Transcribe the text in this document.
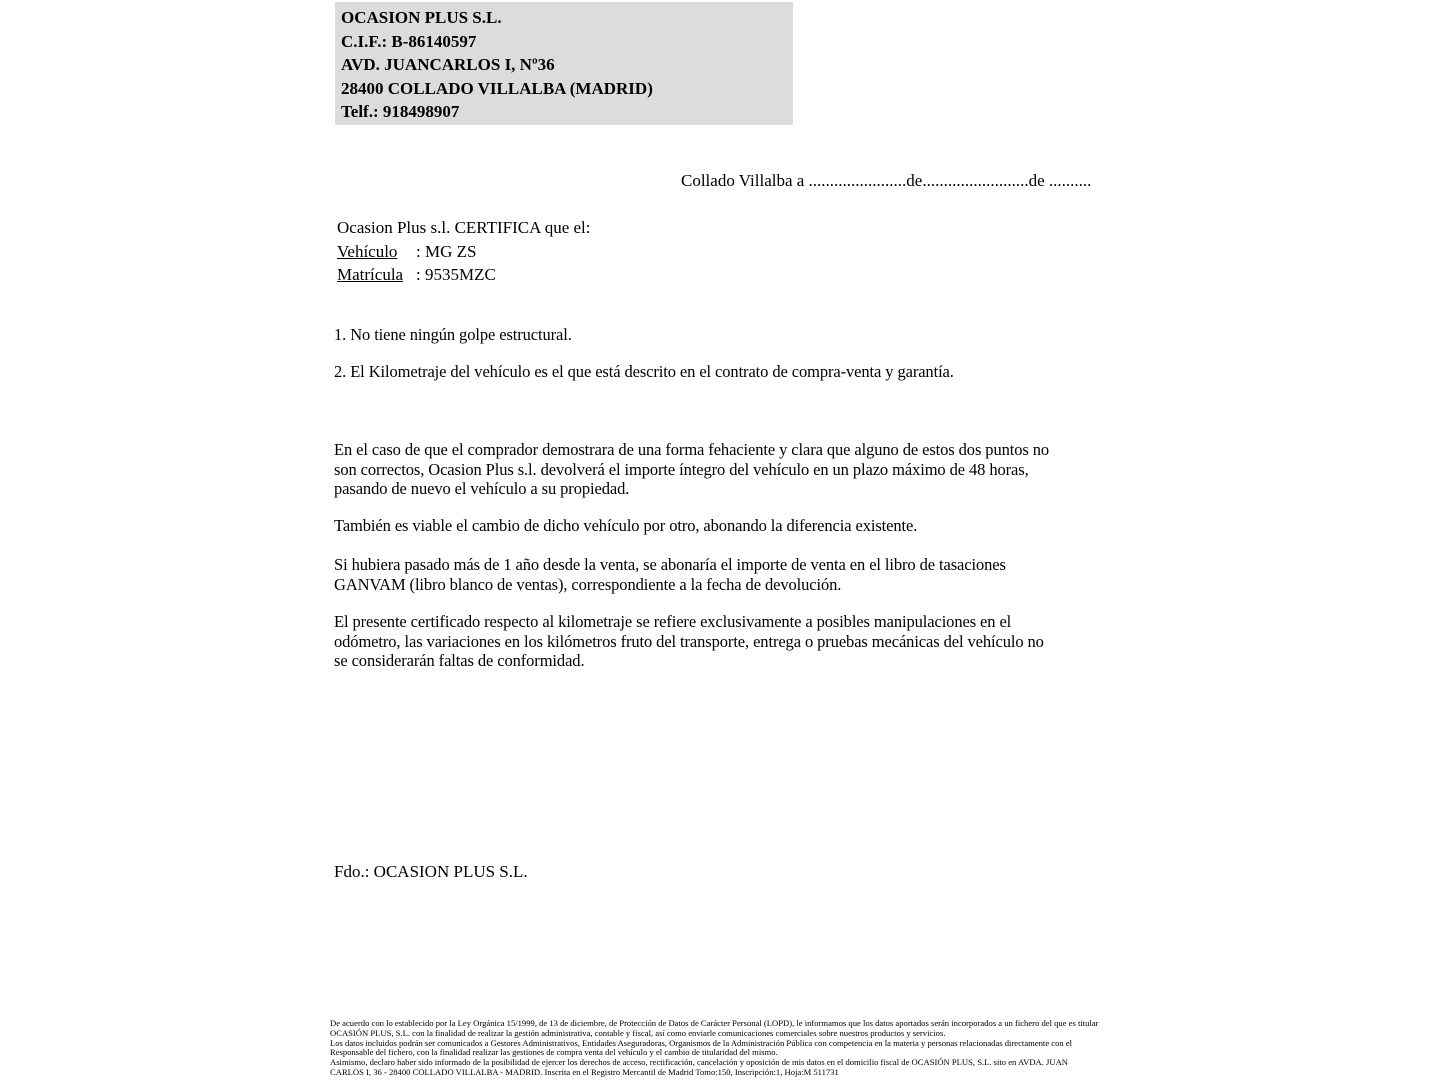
OCASION PLUS S.L.
C.I.F.: B-86140597
AVD. JUANCARLOS I, Nº36
28400 COLLADO VILLALBA (MADRID)
Telf.: 918498907
Collado Villalba a .......................de.........................de ..........
Ocasion Plus s.l. CERTIFICA que el:
Vehículo	: MG ZS
Matrícula : 9535MZC
1. No tiene ningún golpe estructural.
2. El Kilometraje del vehículo es el que está descrito en el contrato de compra-venta y garantía.
En el caso de que el comprador demostrara de una forma fehaciente y clara que alguno de estos dos puntos no
son correctos, Ocasion Plus s.l. devolverá el importe íntegro del vehículo en un plazo máximo de 48 horas,
pasando de nuevo el vehículo a su propiedad.
También es viable el cambio de dicho vehículo por otro, abonando la diferencia existente.
Si hubiera pasado más de 1 año desde la venta, se abonaría el importe de venta en el libro de tasaciones
GANVAM (libro blanco de ventas), correspondiente a la fecha de devolución.
El presente certificado respecto al kilometraje se refiere exclusivamente a posibles manipulaciones en el
odómetro, las variaciones en los kilómetros fruto del transporte, entrega o pruebas mecánicas del vehículo no
se considerarán faltas de conformidad.
Fdo.: OCASION PLUS S.L.
De acuerdo con lo establecido por la Ley Orgánica 15/1999, de 13 de diciembre, de Protección de Datos de Carácter Personal (LOPD), le informamos que los datos aportados serán incorporados a un fichero del que es titular
OCASIÓN PLUS, S.L. con la finalidad de realizar la gestión administrativa, contable y fiscal, así como enviarle comunicaciones comerciales sobre nuestros productos y servicios.
Los datos incluidos podrán ser comunicados a Gestores Administrativos, Entidades Aseguradoras, Organismos de la Administración Pública con competencia en la materia y personas relacionadas directamente con el
Responsable del fichero, con la finalidad realizar las gestiones de compra venta del vehículo y el cambio de titularidad del mismo.
Asimismo, declaro haber sido informado de la posibilidad de ejercer los derechos de acceso, rectificación, cancelación y oposición de mis datos en el domicilio fiscal de OCASIÓN PLUS, S.L. sito en AVDA. JUAN
CARLOS I, 36 - 28400 COLLADO VILLALBA - MADRID. Inscrita en el Registro Mercantil de Madrid Tomo:150, Inscripción:1, Hoja:M 511731
